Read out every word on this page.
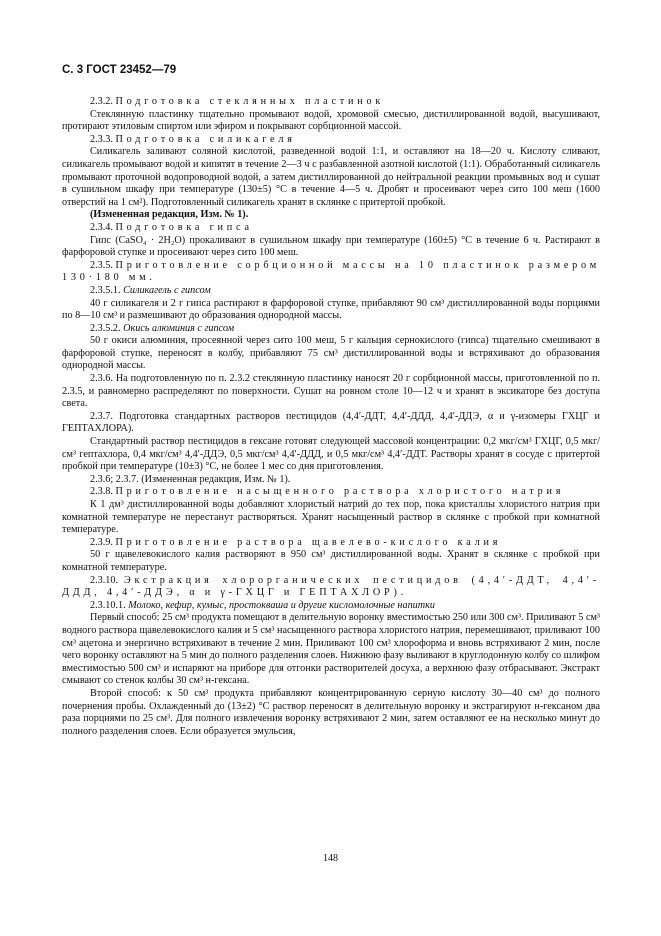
С. 3 ГОСТ 23452—79

2.3.2. Подготовка стеклянных пластинок

Стеклянную пластинку тщательно промывают водой, хромовой смесью, дистиллированной водой, высушивают, протирают этиловым спиртом или эфиром и покрывают сорбционной массой.

2.3.3. Подготовка силикагеля

Силикагель заливают соляной кислотой, разведенной водой 1:1, и оставляют на 18—20 ч. Кислоту сливают, силикагель промывают водой и кипятят в течение 2—3 ч с разбавленной азотной кислотой (1:1). Обработанный силикагель промывают проточной водопроводной водой, а затем дистиллированной до нейтральной реакции промывных вод и сушат в сушильном шкафу при температуре (130±5) °С в течение 4—5 ч. Дробят и просеивают через сито 100 меш (1600 отверстий на 1 см²). Подготовленный силикагель хранят в склянке с притертой пробкой.

(Измененная редакция, Изм. № 1).

2.3.4. Подготовка гипса

Гипс (CaSO₄ · 2H₂O) прокаливают в сушильном шкафу при температуре (160±5) °С в течение 6 ч. Растирают в фарфоровой ступке и просеивают через сито 100 меш.

2.3.5. Приготовление сорбционной массы на 10 пластинок размером 130·180 мм.

2.3.5.1. Силикагель с гипсом

40 г силикагеля и 2 г гипса растирают в фарфоровой ступке, прибавляют 90 см³ дистиллированной воды порциями по 8—10 см³ и размешивают до образования однородной массы.

2.3.5.2. Окись алюминия с гипсом

50 г окиси алюминия, просеянной через сито 100 меш, 5 г кальция сернокислого (гипса) тщательно смешивают в фарфоровой ступке, переносят в колбу, прибавляют 75 см³ дистиллированной воды и встряхивают до образования однородной массы.

2.3.6. На подготовленную по п. 2.3.2 стеклянную пластинку наносят 20 г сорбционной массы, приготовленной по п. 2.3.5, и равномерно распределяют по поверхности. Сушат на ровном столе 10—12 ч и хранят в эксикаторе без доступа света.

2.3.7. Подготовка стандартных растворов пестицидов (4,4′-ДДТ, 4,4′-ДДД, 4,4′-ДДЭ, α и γ-изомеры ГХЦГ и ГЕПТАХЛОРА).

Стандартный раствор пестицидов в гексане готовят следующей массовой концентрации: 0,2 мкг/см³ ГХЦГ, 0,5 мкг/см³ гептахлора, 0,4 мкг/см³ 4,4′-ДДЭ, 0,5 мкг/см³ 4,4′-ДДД, и 0,5 мкг/см³ 4,4′-ДДТ. Растворы хранят в сосуде с притертой пробкой при температуре (10±3) °С, не более 1 мес со дня приготовления.

2.3.6; 2.3.7. (Измененная редакция, Изм. № 1).

2.3.8. Приготовление насыщенного раствора хлористого натрия

К 1 дм³ дистиллированной воды добавляют хлористый натрий до тех пор, пока кристаллы хлористого натрия при комнатной температуре не перестанут растворяться. Хранят насыщенный раствор в склянке с пробкой при комнатной температуре.

2.3.9. Приготовление раствора щавелево-кислого калия

50 г щавелевокислого калия растворяют в 950 см³ дистиллированной воды. Хранят в склянке с пробкой при комнатной температуре.

2.3.10. Экстракция хлорорганических пестицидов (4,4′-ДДТ, 4,4′-ДДД, 4,4′-ДДЭ, α и γ-ГХЦГ и ГЕПТАХЛОР).

2.3.10.1. Молоко, кефир, кумыс, простокваша и другие кисломолочные напитки

Первый способ: 25 см³ продукта помещают в делительную воронку вместимостью 250 или 300 см³. Приливают 5 см³ водного раствора щавелевокислого калия и 5 см³ насыщенного раствора хлористого натрия, перемешивают, приливают 100 см³ ацетона и энергично встряхивают в течение 2 мин. Приливают 100 см³ хлороформа и вновь встряхивают 2 мин, после чего воронку оставляют на 5 мин до полного разделения слоев. Нижнюю фазу выливают в круглодонную колбу со шлифом вместимостью 500 см³ и испаряют на приборе для отгонки растворителей досуха, а верхнюю фазу отбрасывают. Экстракт смывают со стенок колбы 30 см³ н-гексана.

Второй способ: к 50 см³ продукта прибавляют концентрированную серную кислоту 30—40 см³ до полного почернения пробы. Охлажденный до (13±2) °С раствор переносят в делительную воронку и экстрагируют н-гексаном два раза порциями по 25 см³. Для полного извлечения воронку встряхивают 2 мин, затем оставляют ее на несколько минут до полного разделения слоев. Если образуется эмульсия,

148
